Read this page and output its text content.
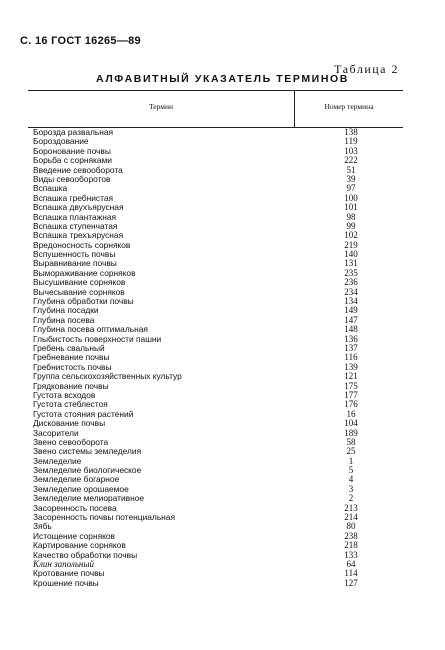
С. 16 ГОСТ 16265—89
Таблица 2
АЛФАВИТНЫЙ УКАЗАТЕЛЬ ТЕРМИНОВ
Термин	Номер термина
Борозда развальная	138
Бороздование	119
Боронование почвы	103
Борьба с сорняками	222
Введение севооборота	51
Виды севооборотов	39
Вспашка	97
Вспашка гребнистая	100
Вспашка двухъярусная	101
Вспашка плантажная	98
Вспашка ступенчатая	99
Вспашка трехъярусная	102
Вредоносность сорняков	219
Вспушенность почвы	140
Выравнивание почвы	131
Вымораживание сорняков	235
Высушивание сорняков	236
Вычесывание сорняков	234
Глубина обработки почвы	134
Глубина посадки	149
Глубина посева	147
Глубина посева оптимальная	148
Глыбистость поверхности пашни	136
Гребень свальный	137
Гребневание почвы	116
Гребнистость почвы	139
Группа сельскохозяйственных культур	121
Грядкование почвы	175
Густота всходов	177
Густота стеблестоя	176
Густота стояния растений	16
Дискование почвы	104
Засорители	189
Звено севооборота	58
Звено системы земледелия	25
Земледелие	1
Земледелие биологическое	5
Земледелие богарное	4
Земледелие орошаемое	3
Земледелие мелиоративное	2
Засоренность посева	213
Засоренность почвы потенциальная	214
Зябь	80
Истощение сорняков	238
Картирование сорняков	218
Качество обработки почвы	133
Клин запольный	64
Кротование почвы	114
Крошение почвы	127
